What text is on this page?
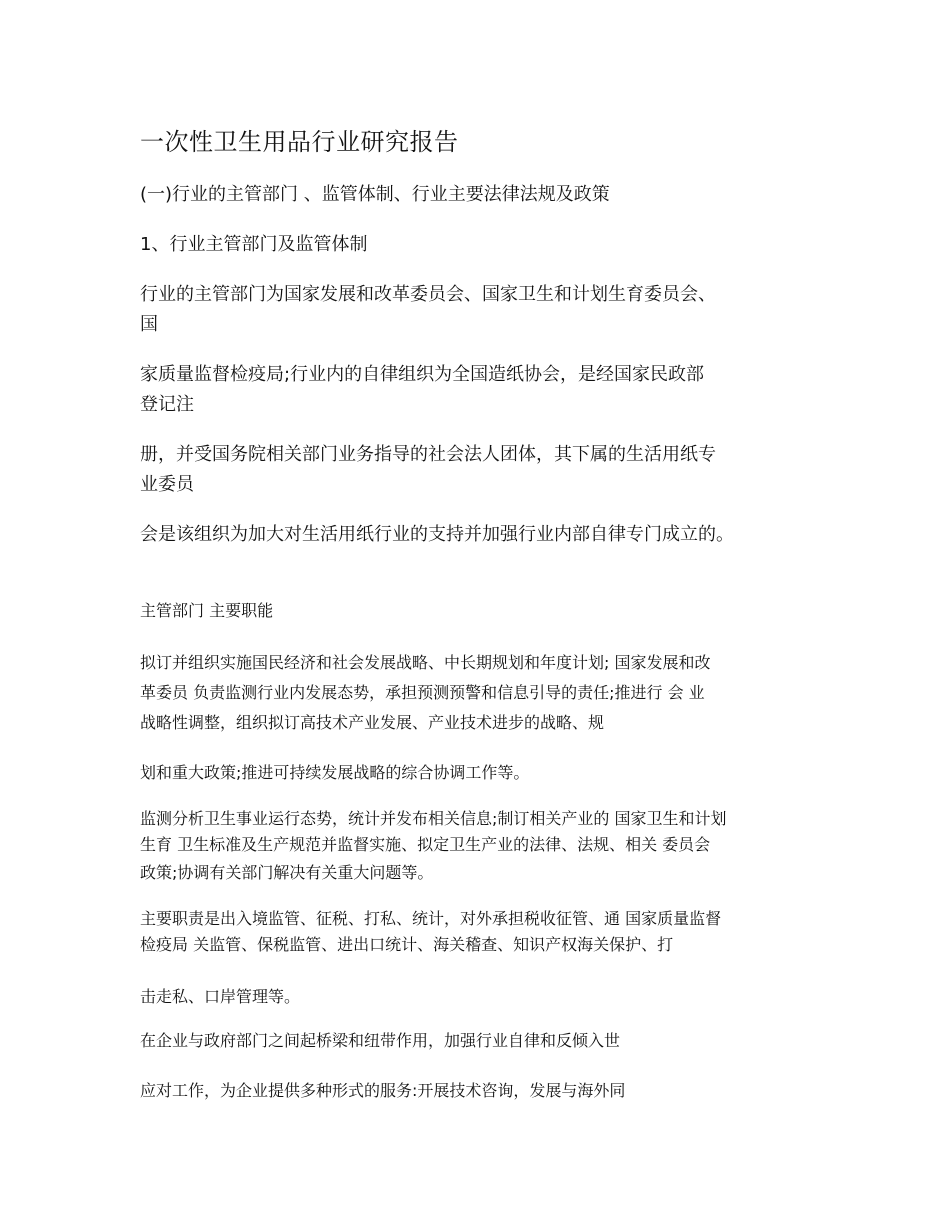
一次性卫生用品行业研究报告
(一)行业的主管部门 、监管体制、行业主要法律法规及政策
1、行业主管部门及监管体制
行业的主管部门为国家发展和改革委员会、国家卫生和计划生育委员会、
国
家质量监督检疫局;行业内的自律组织为全国造纸协会，是经国家民政部
登记注
册，并受国务院相关部门业务指导的社会法人团体，其下属的生活用纸专
业委员
会是该组织为加大对生活用纸行业的支持并加强行业内部自律专门成立的。
主管部门 主要职能
拟订并组织实施国民经济和社会发展战略、中长期规划和年度计划; 国家发展和改
革委员 负责监测行业内发展态势，承担预测预警和信息引导的责任;推进行 会 业
战略性调整，组织拟订高技术产业发展、产业技术进步的战略、规
划和重大政策;推进可持续发展战略的综合协调工作等。
监测分析卫生事业运行态势，统计并发布相关信息;制订相关产业的 国家卫生和计划
生育 卫生标准及生产规范并监督实施、拟定卫生产业的法律、法规、相关 委员会
政策;协调有关部门解决有关重大问题等。
主要职责是出入境监管、征税、打私、统计，对外承担税收征管、通 国家质量监督
检疫局 关监管、保税监管、进出口统计、海关稽查、知识产权海关保护、打
击走私、口岸管理等。
在企业与政府部门之间起桥梁和纽带作用，加强行业自律和反倾入世
应对工作，为企业提供多种形式的服务:开展技术咨询，发展与海外同
